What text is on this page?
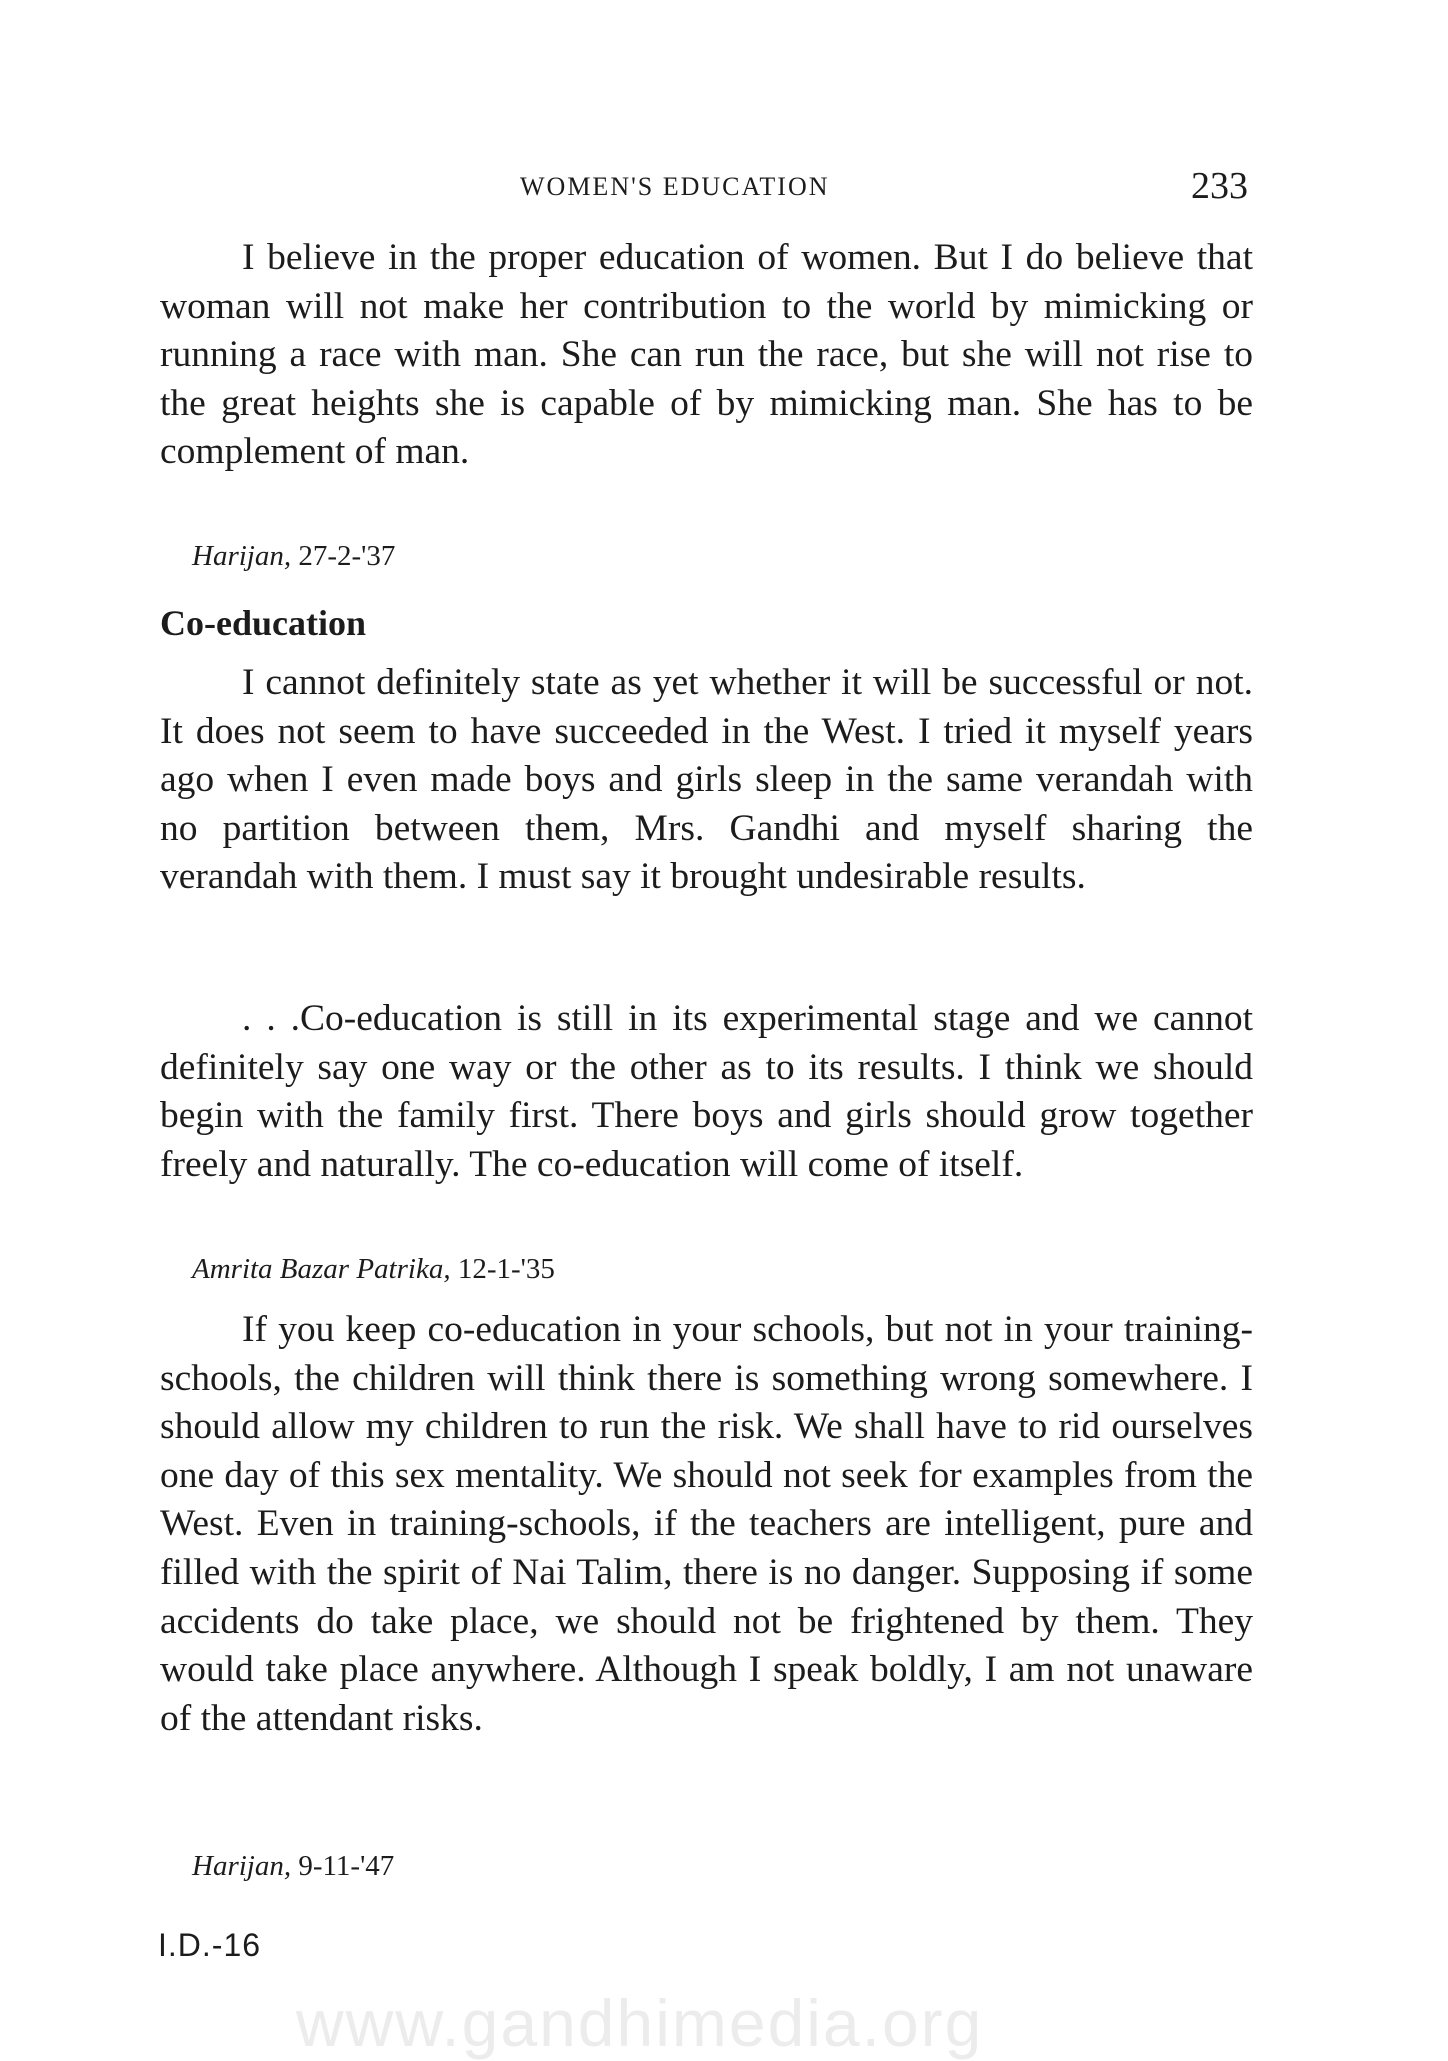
WOMEN'S EDUCATION	233

I believe in the proper education of women. But I do believe that woman will not make her contribution to the world by mimicking or running a race with man. She can run the race, but she will not rise to the great heights she is capable of by mimicking man. She has to be complement of man.

Harijan, 27-2-'37
Co-education

I cannot definitely state as yet whether it will be successful or not. It does not seem to have succeeded in the West. I tried it myself years ago when I even made boys and girls sleep in the same verandah with no partition between them, Mrs. Gandhi and myself sharing the verandah with them. I must say it brought undesirable results.

. . .Co-education is still in its experimental stage and we cannot definitely say one way or the other as to its results. I think we should begin with the family first. There boys and girls should grow together freely and naturally. The co-education will come of itself.

Amrita Bazar Patrika, 12-1-'35

If you keep co-education in your schools, but not in your training-schools, the children will think there is something wrong somewhere. I should allow my children to run the risk. We shall have to rid ourselves one day of this sex mentality. We should not seek for examples from the West. Even in training-schools, if the teachers are intelligent, pure and filled with the spirit of Nai Talim, there is no danger. Supposing if some accidents do take place, we should not be frightened by them. They would take place anywhere. Although I speak boldly, I am not unaware of the attendant risks.

Harijan, 9-11-'47
I.D.-16
www.gandhimedia.org
